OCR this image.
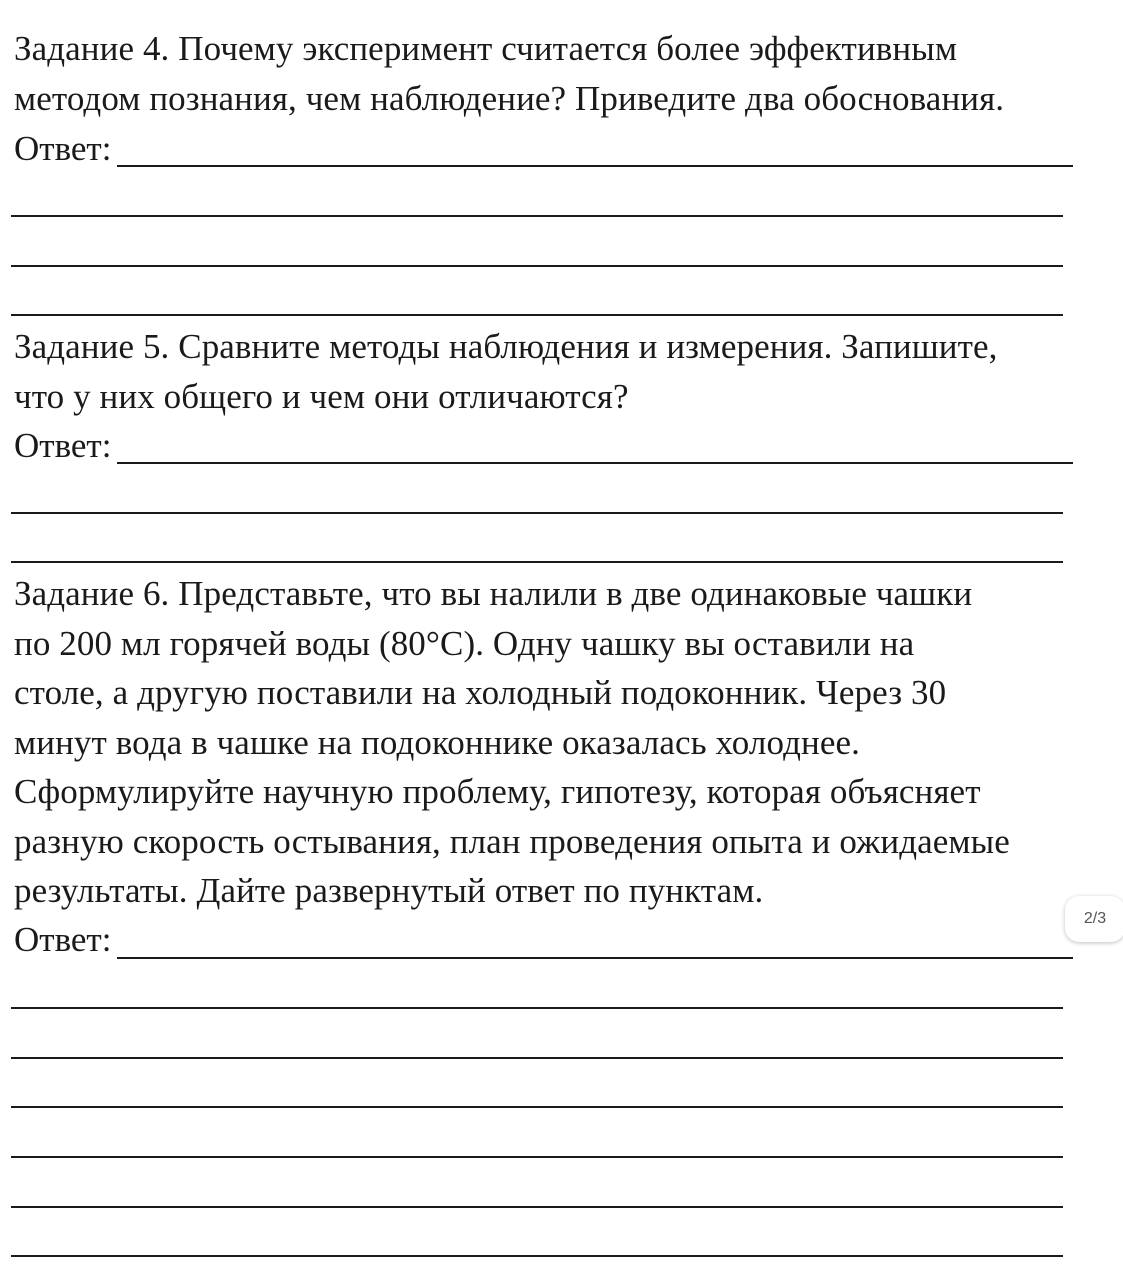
Задание 4. Почему эксперимент считается более эффективным
методом познания, чем наблюдение? Приведите два обоснования.
Ответ:
Задание 5. Сравните методы наблюдения и измерения. Запишите,
что у них общего и чем они отличаются?
Ответ:
Задание 6. Представьте, что вы налили в две одинаковые чашки
по 200 мл горячей воды (80°С). Одну чашку вы оставили на
столе, а другую поставили на холодный подоконник. Через 30
минут вода в чашке на подоконнике оказалась холоднее.
Сформулируйте научную проблему, гипотезу, которая объясняет
разную скорость остывания, план проведения опыта и ожидаемые
результаты. Дайте развернутый ответ по пунктам.
Ответ:
2/3
